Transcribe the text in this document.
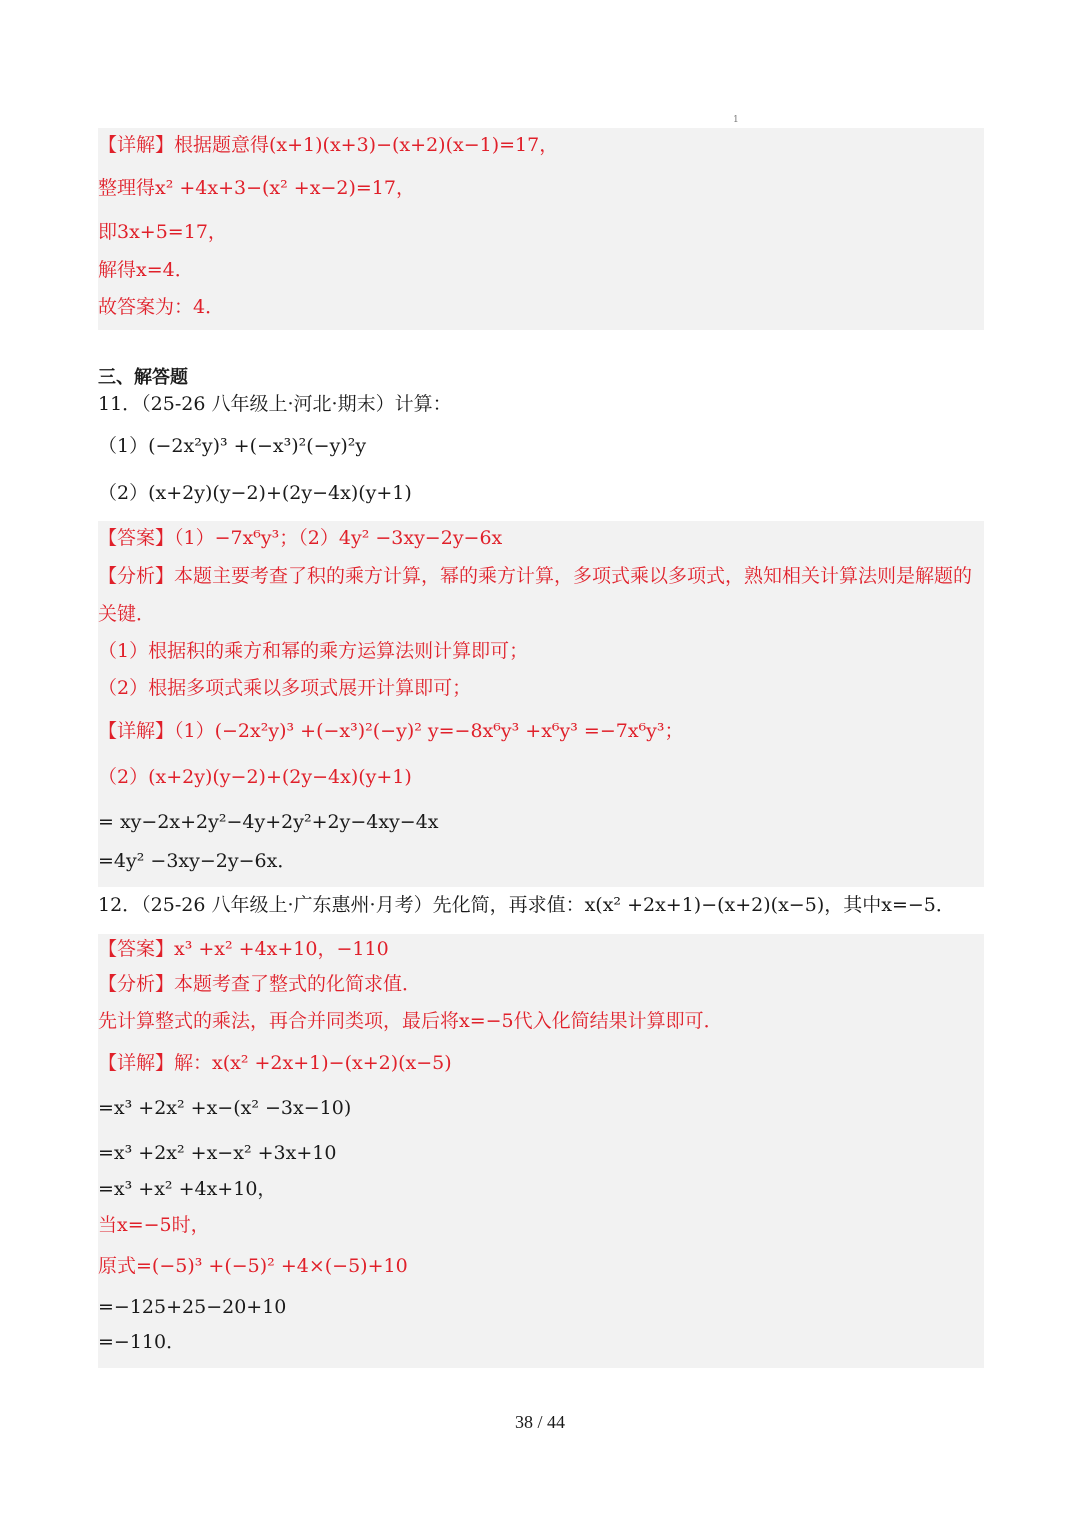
1
【详解】根据题意得(x+1)(x+3)−(x+2)(x−1)=17，
整理得x² +4x+3−(x² +x−2)=17，
即3x+5=17，
解得x=4．
故答案为：4．
三、解答题
11．（25-26 八年级上·河北·期末）计算：
（1）(−2x²y)³ +(−x³)²(−y)²y
（2）(x+2y)(y−2)+(2y−4x)(y+1)
【答案】（1）−7x⁶y³；（2）4y² −3xy−2y−6x
【分析】本题主要考查了积的乘方计算，幂的乘方计算，多项式乘以多项式，熟知相关计算法则是解题的
关键．
（1）根据积的乘方和幂的乘方运算法则计算即可；
（2）根据多项式乘以多项式展开计算即可；
【详解】（1）(−2x²y)³ +(−x³)²(−y)² y=−8x⁶y³ +x⁶y³ =−7x⁶y³；
（2）(x+2y)(y−2)+(2y−4x)(y+1)
= xy−2x+2y²−4y+2y²+2y−4xy−4x
=4y² −3xy−2y−6x．
12．（25-26 八年级上·广东惠州·月考）先化简，再求值：x(x² +2x+1)−(x+2)(x−5)，其中x=−5．
【答案】x³ +x² +4x+10，−110
【分析】本题考查了整式的化简求值．
先计算整式的乘法，再合并同类项，最后将x=−5代入化简结果计算即可．
【详解】解：x(x² +2x+1)−(x+2)(x−5)
=x³ +2x² +x−(x² −3x−10)
=x³ +2x² +x−x² +3x+10
=x³ +x² +4x+10，
当x=−5时，
原式=(−5)³ +(−5)² +4×(−5)+10
=−125+25−20+10
=−110．
38 / 44
